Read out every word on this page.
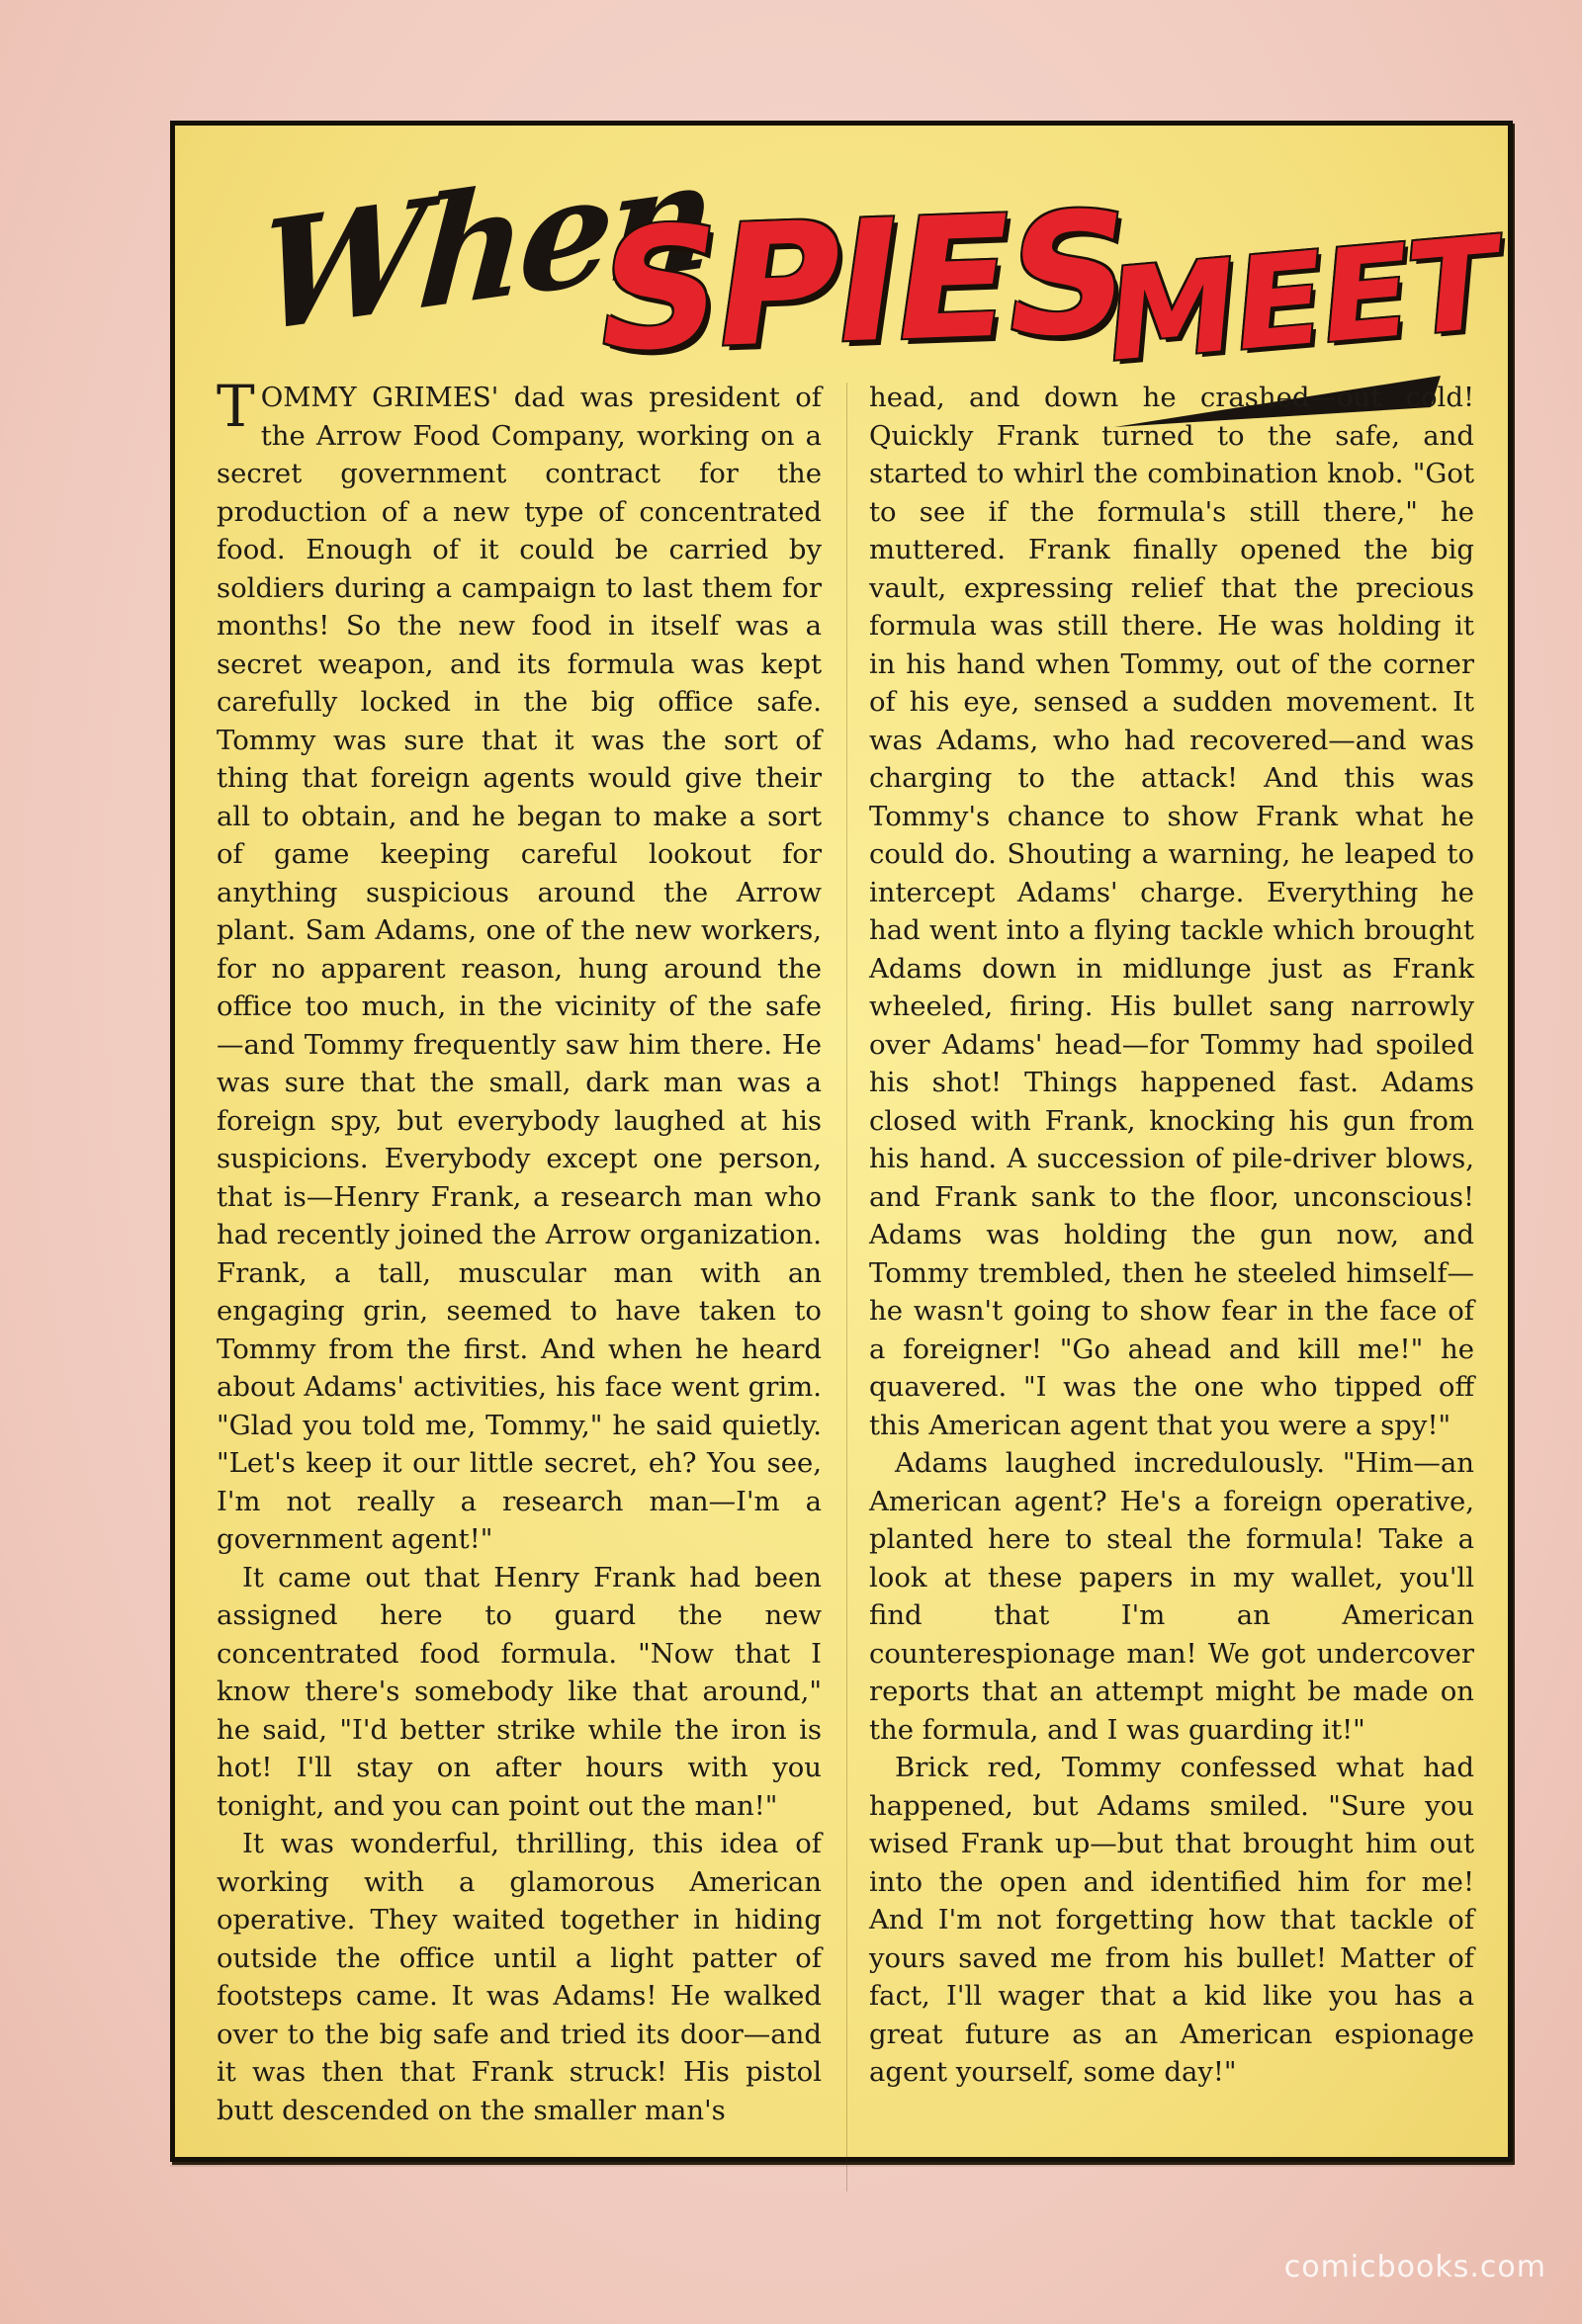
When
SPIES
MEET

TOMMY GRIMES' dad was president of the Arrow Food Company, working on a secret government contract for the production of a new type of concentrated food. Enough of it could be carried by soldiers during a campaign to last them for months! So the new food in itself was a secret weapon, and its formula was kept carefully locked in the big office safe. Tommy was sure that it was the sort of thing that foreign agents would give their all to obtain, and he began to make a sort of game keeping careful lookout for anything suspicious around the Arrow plant. Sam Adams, one of the new workers, for no apparent reason, hung around the office too much, in the vicinity of the safe —and Tommy frequently saw him there. He was sure that the small, dark man was a foreign spy, but everybody laughed at his suspicions. Everybody except one person, that is—Henry Frank, a research man who had recently joined the Arrow organization. Frank, a tall, muscular man with an engaging grin, seemed to have taken to Tommy from the first. And when he heard about Adams' activities, his face went grim. "Glad you told me, Tommy," he said quietly. "Let's keep it our little secret, eh? You see, I'm not really a research man—I'm a government agent!"

It came out that Henry Frank had been assigned here to guard the new concentrated food formula. "Now that I know there's somebody like that around," he said, "I'd better strike while the iron is hot! I'll stay on after hours with you tonight, and you can point out the man!"

It was wonderful, thrilling, this idea of working with a glamorous American operative. They waited together in hiding outside the office until a light patter of footsteps came. It was Adams! He walked over to the big safe and tried its door—and it was then that Frank struck! His pistol butt descended on the smaller man's

head, and down he crashed—out cold! Quickly Frank turned to the safe, and started to whirl the combination knob. "Got to see if the formula's still there," he muttered. Frank finally opened the big vault, expressing relief that the precious formula was still there. He was holding it in his hand when Tommy, out of the corner of his eye, sensed a sudden movement. It was Adams, who had recovered—and was charging to the attack! And this was Tommy's chance to show Frank what he could do. Shouting a warning, he leaped to intercept Adams' charge. Everything he had went into a flying tackle which brought Adams down in midlunge just as Frank wheeled, firing. His bullet sang narrowly over Adams' head—for Tommy had spoiled his shot! Things happened fast. Adams closed with Frank, knocking his gun from his hand. A succession of pile-driver blows, and Frank sank to the floor, unconscious! Adams was holding the gun now, and Tommy trembled, then he steeled himself—he wasn't going to show fear in the face of a foreigner! "Go ahead and kill me!" he quavered. "I was the one who tipped off this American agent that you were a spy!"

Adams laughed incredulously. "Him—an American agent? He's a foreign operative, planted here to steal the formula! Take a look at these papers in my wallet, you'll find that I'm an American counterespionage man! We got undercover reports that an attempt might be made on the formula, and I was guarding it!"

Brick red, Tommy confessed what had happened, but Adams smiled. "Sure you wised Frank up—but that brought him out into the open and identified him for me! And I'm not forgetting how that tackle of yours saved me from his bullet! Matter of fact, I'll wager that a kid like you has a great future as an American espionage agent yourself, some day!"

comicbooks.com
